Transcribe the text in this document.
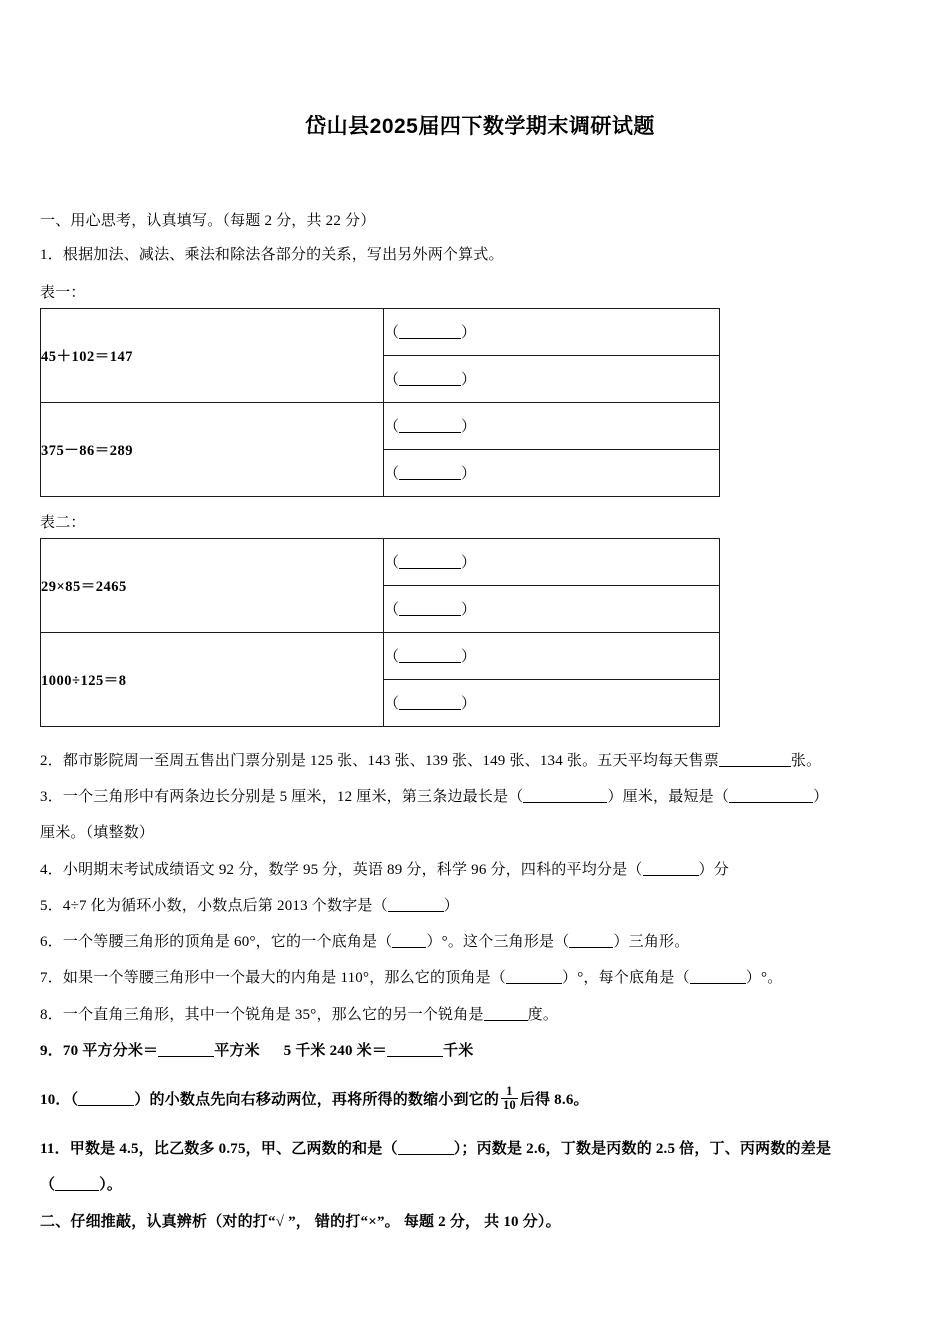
岱山县2025届四下数学期末调研试题
一、用心思考，认真填写。（每题 2 分，共 22 分）
1．根据加法、减法、乘法和除法各部分的关系，写出另外两个算式。
表一：
45＋102＝147	（ ）
	（ ）
375－86＝289	（ ）
	（ ）
表二：
29×85＝2465	（ ）
	（ ）
1000÷125＝8	（ ）
	（ ）
2．都市影院周一至周五售出门票分别是 125 张、143 张、139 张、149 张、134 张。五天平均每天售票	张。
3．一个三角形中有两条边长分别是 5 厘米，12 厘米，第三条边最长是（	）厘米，最短是（	）
厘米。（填整数）
4．小明期末考试成绩语文 92 分，数学 95 分，英语 89 分，科学 96 分，四科的平均分是（	）分
5．4÷7 化为循环小数，小数点后第 2013 个数字是（	）
6．一个等腰三角形的顶角是 60°，它的一个底角是（ ）°。这个三角形是（	）三角形。
7．如果一个等腰三角形中一个最大的内角是 110°，那么它的顶角是（	）°，每个底角是（	）°。
8．一个直角三角形，其中一个锐角是 35°，那么它的另一个锐角是	度。
9．70 平方分米＝	平方米 5 千米 240 米＝	千米
10．（	）的小数点先向右移动两位，再将所得的数缩小到它的 $\frac{1}{10}$ 后得 8.6。
11．甲数是 4.5，比乙数多 0.75，甲、乙两数的和是（	）；丙数是 2.6，丁数是丙数的 2.5 倍，丁、丙两数的差是
（	）。
二、仔细推敲，认真辨析（对的打“√ ”， 错的打“×”。 每题 2 分， 共 10 分）。
